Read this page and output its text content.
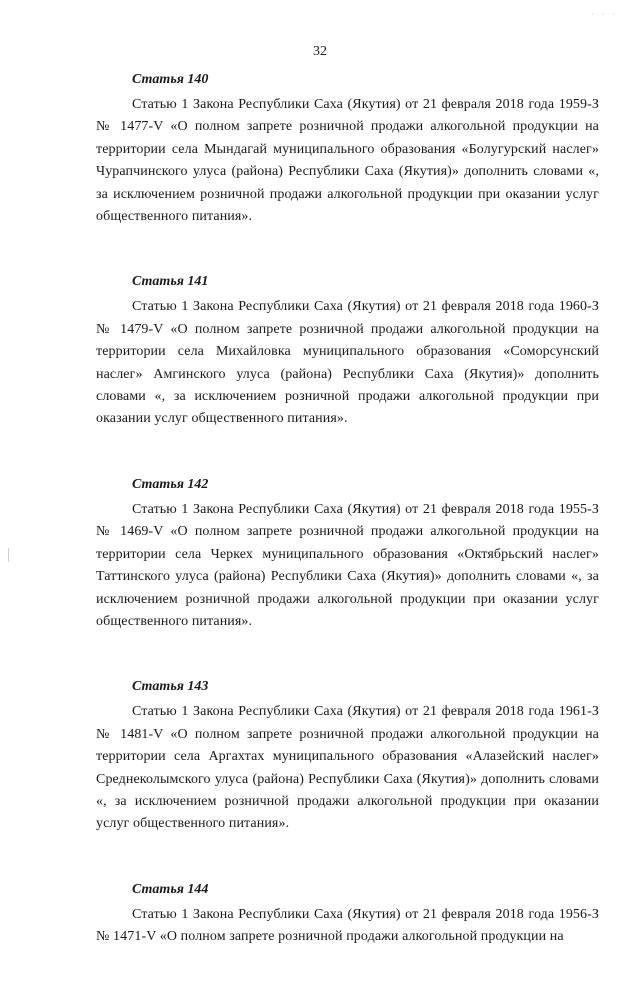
· · ·
32
Статья 140

Статью 1 Закона Республики Саха (Якутия) от 21 февраля 2018 года 1959-З № 1477-V «О полном запрете розничной продажи алкогольной продукции на территории села Мындагай муниципального образования «Болугурский наслег» Чурапчинского улуса (района) Республики Саха (Якутия)» дополнить словами «, за исключением розничной продажи алкогольной продукции при оказании услуг общественного питания».

Статья 141

Статью 1 Закона Республики Саха (Якутия) от 21 февраля 2018 года 1960-З № 1479-V «О полном запрете розничной продажи алкогольной продукции на территории села Михайловка муниципального образования «Соморсунский наслег» Амгинского улуса (района) Республики Саха (Якутия)» дополнить словами «, за исключением розничной продажи алкогольной продукции при оказании услуг общественного питания».

Статья 142

Статью 1 Закона Республики Саха (Якутия) от 21 февраля 2018 года 1955-З № 1469-V «О полном запрете розничной продажи алкогольной продукции на территории села Черкех муниципального образования «Октябрьский наслег» Таттинского улуса (района) Республики Саха (Якутия)» дополнить словами «, за исключением розничной продажи алкогольной продукции при оказании услуг общественного питания».

Статья 143

Статью 1 Закона Республики Саха (Якутия) от 21 февраля 2018 года 1961-З № 1481-V «О полном запрете розничной продажи алкогольной продукции на территории села Аргахтах муниципального образования «Алазейский наслег» Среднеколымского улуса (района) Республики Саха (Якутия)» дополнить словами «, за исключением розничной продажи алкогольной продукции при оказании услуг общественного питания».

Статья 144

Статью 1 Закона Республики Саха (Якутия) от 21 февраля 2018 года 1956-З № 1471-V «О полном запрете розничной продажи алкогольной продукции на
